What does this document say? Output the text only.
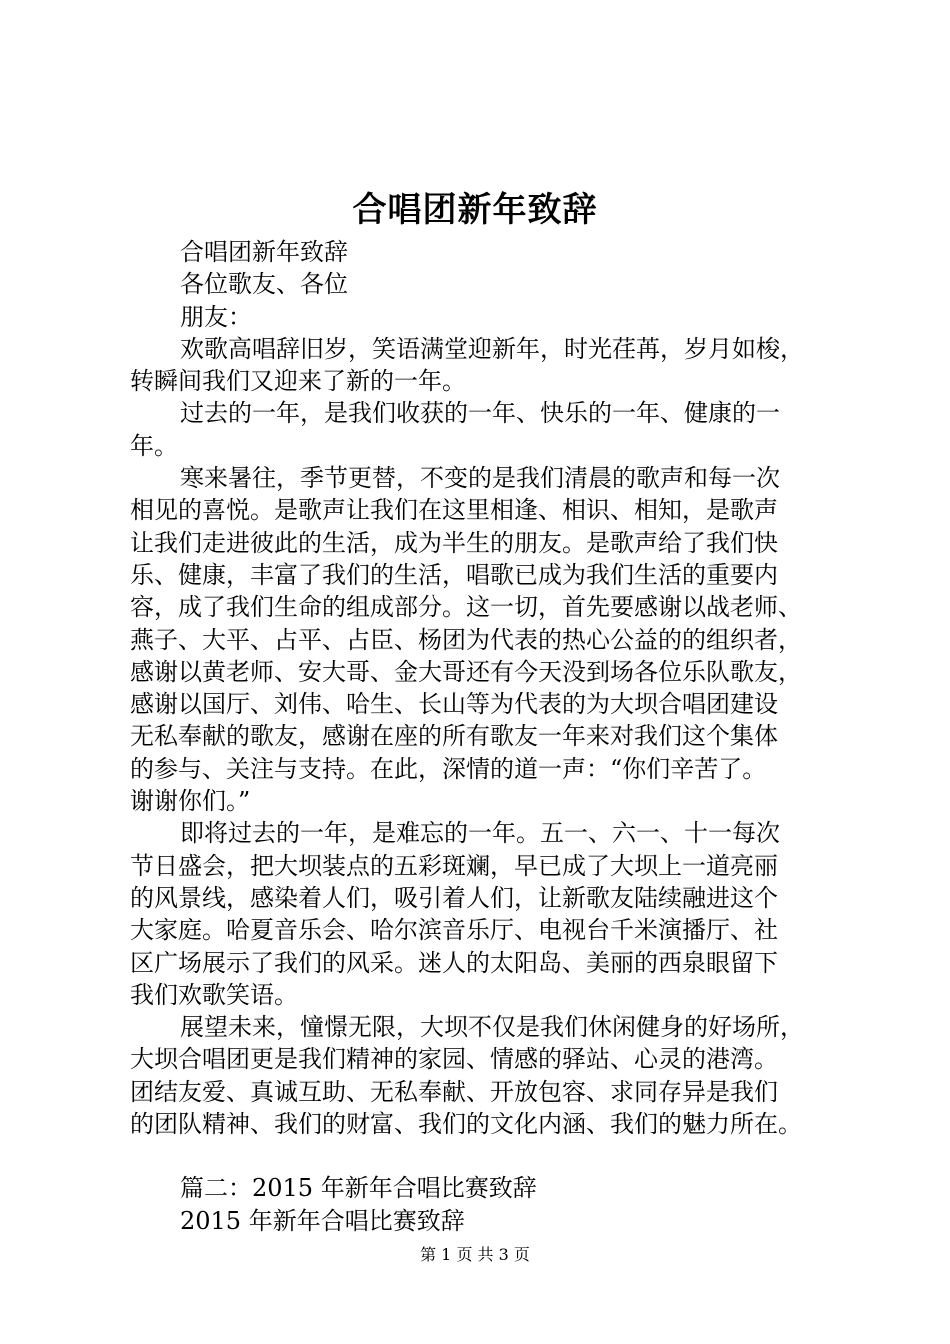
合唱团新年致辞
合唱团新年致辞
各位歌友、各位
朋友：
欢歌高唱辞旧岁，笑语满堂迎新年，时光荏苒，岁月如梭，
转瞬间我们又迎来了新的一年。
过去的一年，是我们收获的一年、快乐的一年、健康的一
年。
寒来暑往，季节更替，不变的是我们清晨的歌声和每一次
相见的喜悦。是歌声让我们在这里相逢、相识、相知，是歌声
让我们走进彼此的生活，成为半生的朋友。是歌声给了我们快
乐、健康，丰富了我们的生活，唱歌已成为我们生活的重要内
容，成了我们生命的组成部分。这一切，首先要感谢以战老师、
燕子、大平、占平、占臣、杨团为代表的热心公益的的组织者，
感谢以黄老师、安大哥、金大哥还有今天没到场各位乐队歌友，
感谢以国厅、刘伟、哈生、长山等为代表的为大坝合唱团建设
无私奉献的歌友，感谢在座的所有歌友一年来对我们这个集体
的参与、关注与支持。在此，深情的道一声：“你们辛苦了。
谢谢你们。”
即将过去的一年，是难忘的一年。五一、六一、十一每次
节日盛会，把大坝装点的五彩斑斓，早已成了大坝上一道亮丽
的风景线，感染着人们，吸引着人们，让新歌友陆续融进这个
大家庭。哈夏音乐会、哈尔滨音乐厅、电视台千米演播厅、社
区广场展示了我们的风采。迷人的太阳岛、美丽的西泉眼留下
我们欢歌笑语。
展望未来，憧憬无限，大坝不仅是我们休闲健身的好场所，
大坝合唱团更是我们精神的家园、情感的驿站、心灵的港湾。
团结友爱、真诚互助、无私奉献、开放包容、求同存异是我们
的团队精神、我们的财富、我们的文化内涵、我们的魅力所在。
篇二：2015 年新年合唱比赛致辞
2015 年新年合唱比赛致辞
第 1 页 共 3 页
